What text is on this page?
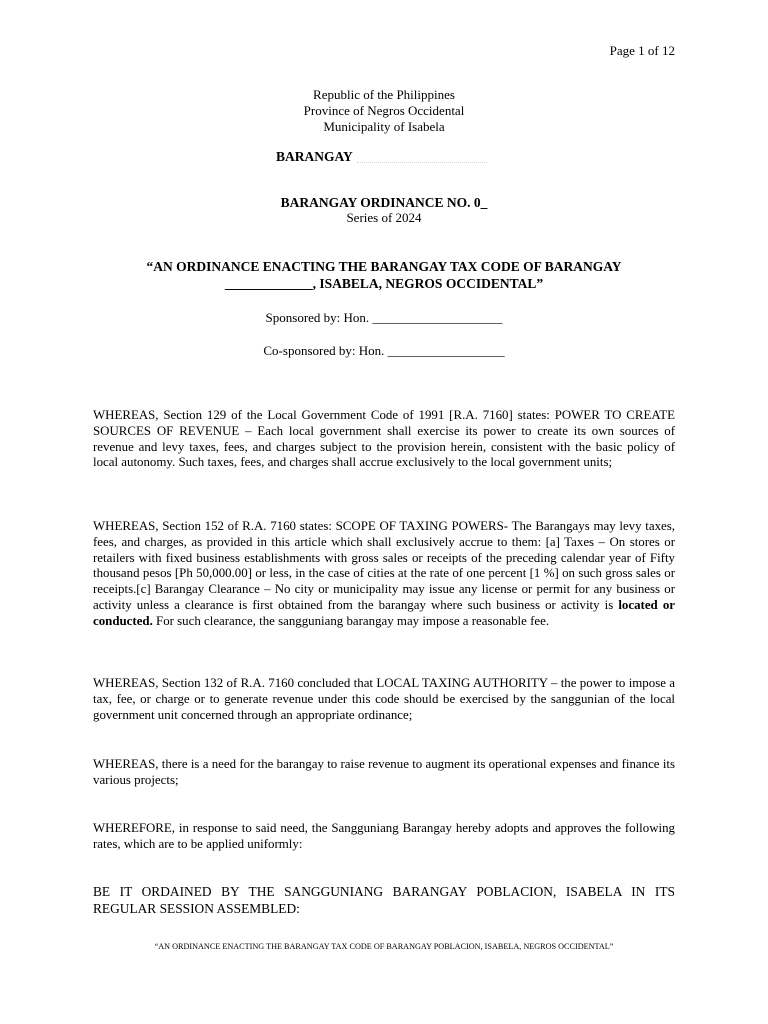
Page 1 of 12
Republic of the Philippines
Province of Negros Occidental
Municipality of Isabela
BARANGAY
BARANGAY ORDINANCE NO. 0_
Series of 2024
“AN ORDINANCE ENACTING THE BARANGAY TAX CODE OF BARANGAY
_____________, ISABELA, NEGROS OCCIDENTAL”
Sponsored by: Hon. ____________________
Co-sponsored by: Hon. __________________
WHEREAS, Section 129 of the Local Government Code of 1991 [R.A. 7160] states: POWER TO CREATE SOURCES OF REVENUE – Each local government shall exercise its power to create its own sources of revenue and levy taxes, fees, and charges subject to the provision herein, consistent with the basic policy of local autonomy. Such taxes, fees, and charges shall accrue exclusively to the local government units;
WHEREAS, Section 152 of R.A. 7160 states: SCOPE OF TAXING POWERS- The Barangays may levy taxes, fees, and charges, as provided in this article which shall exclusively accrue to them: [a] Taxes – On stores or retailers with fixed business establishments with gross sales or receipts of the preceding calendar year of Fifty thousand pesos [Ph 50,000.00] or less, in the case of cities at the rate of one percent [1 %] on such gross sales or receipts.[c] Barangay Clearance – No city or municipality may issue any license or permit for any business or activity unless a clearance is first obtained from the barangay where such business or activity is located or conducted. For such clearance, the sangguniang barangay may impose a reasonable fee.
WHEREAS, Section 132 of R.A. 7160 concluded that LOCAL TAXING AUTHORITY – the power to impose a tax, fee, or charge or to generate revenue under this code should be exercised by the sanggunian of the local government unit concerned through an appropriate ordinance;
WHEREAS, there is a need for the barangay to raise revenue to augment its operational expenses and finance its various projects;
WHEREFORE, in response to said need, the Sangguniang Barangay hereby adopts and approves the following rates, which are to be applied uniformly:
BE IT ORDAINED BY THE SANGGUNIANG BARANGAY POBLACION, ISABELA IN ITS REGULAR SESSION ASSEMBLED:
“AN ORDINANCE ENACTING THE BARANGAY TAX CODE OF BARANGAY POBLACION, ISABELA, NEGROS OCCIDENTAL”
